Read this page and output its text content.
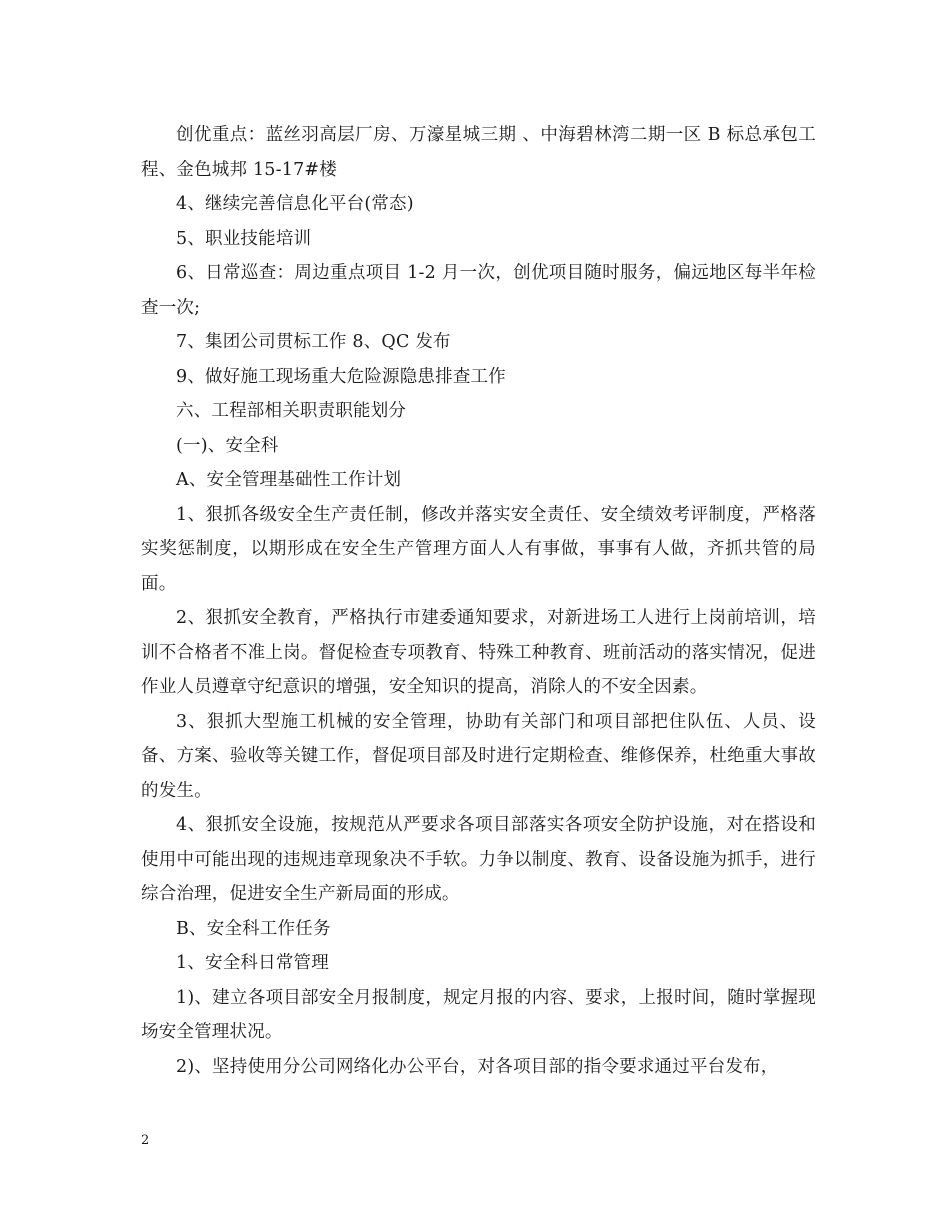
创优重点：蓝丝羽高层厂房、万濠星城三期 、中海碧林湾二期一区 B 标总承包工程、金色城邦 15-17#楼

4、继续完善信息化平台(常态)

5、职业技能培训

6、日常巡查：周边重点项目 1-2 月一次，创优项目随时服务，偏远地区每半年检查一次;

7、集团公司贯标工作 8、QC 发布

9、做好施工现场重大危险源隐患排查工作

六、工程部相关职责职能划分

(一)、安全科

A、安全管理基础性工作计划

1、狠抓各级安全生产责任制，修改并落实安全责任、安全绩效考评制度，严格落实奖惩制度，以期形成在安全生产管理方面人人有事做，事事有人做，齐抓共管的局面。

2、狠抓安全教育，严格执行市建委通知要求，对新进场工人进行上岗前培训，培训不合格者不准上岗。督促检查专项教育、特殊工种教育、班前活动的落实情况，促进作业人员遵章守纪意识的增强，安全知识的提高，消除人的不安全因素。

3、狠抓大型施工机械的安全管理，协助有关部门和项目部把住队伍、人员、设备、方案、验收等关键工作，督促项目部及时进行定期检查、维修保养，杜绝重大事故的发生。

4、狠抓安全设施，按规范从严要求各项目部落实各项安全防护设施，对在搭设和使用中可能出现的违规违章现象决不手软。力争以制度、教育、设备设施为抓手，进行综合治理，促进安全生产新局面的形成。

B、安全科工作任务

1、安全科日常管理

1)、建立各项目部安全月报制度，规定月报的内容、要求，上报时间，随时掌握现场安全管理状况。

2)、坚持使用分公司网络化办公平台，对各项目部的指令要求通过平台发布，

2
